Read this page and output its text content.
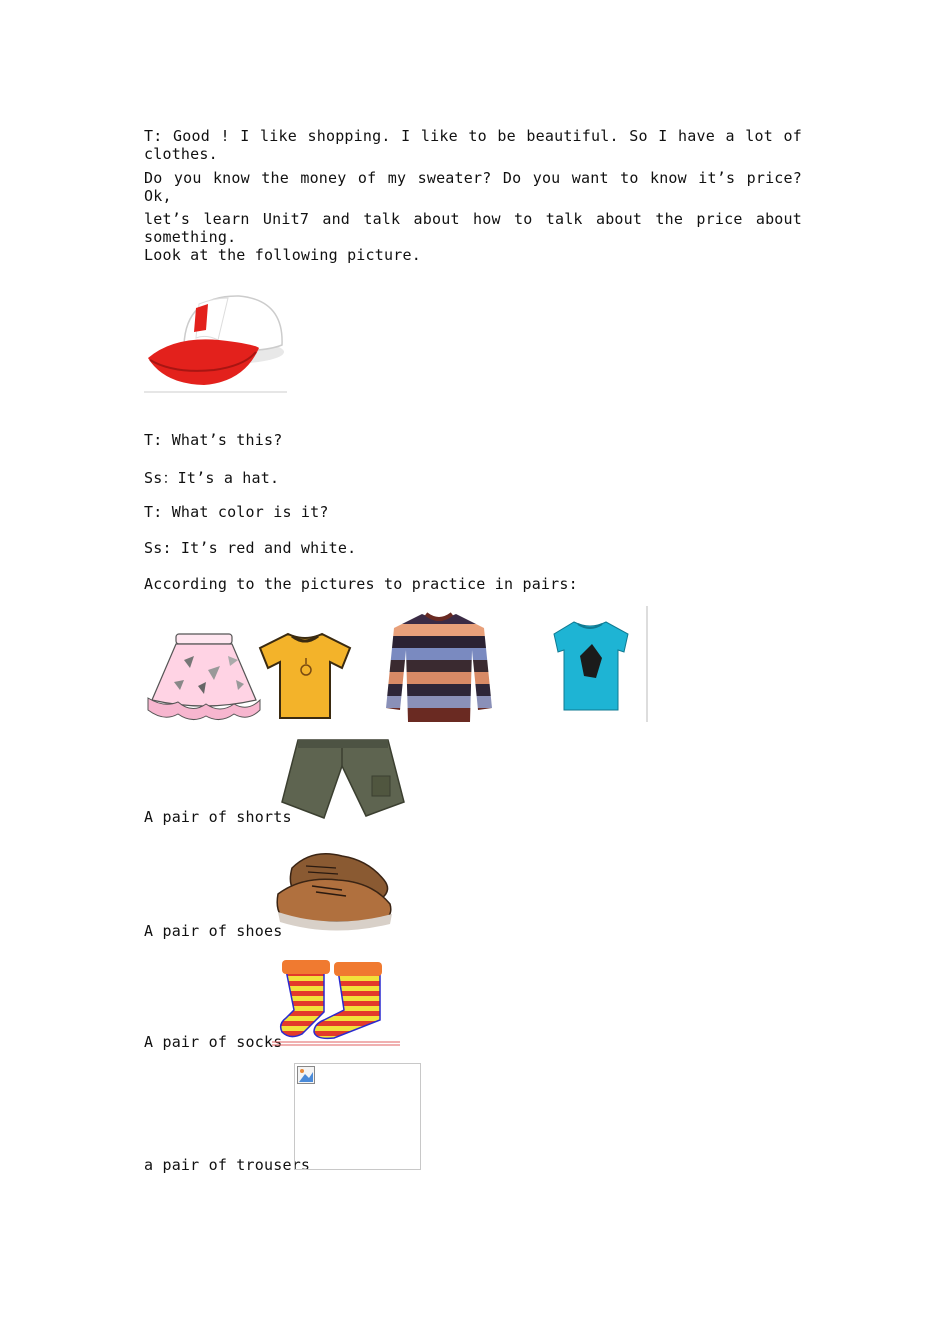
T: Good ! I like shopping. I like to be beautiful. So I have a lot of clothes.
Do you know the money of my sweater? Do you want to know it’s price? Ok,
let’s learn Unit7 and talk about how to talk about the price about something.
Look at the following picture.
T: What’s this?
Ss：It’s a hat.
T: What color is it?
Ss: It’s red and white.
According to the pictures to practice in pairs:
A pair of shorts
A pair of shoes
A pair of socks
a pair of trousers
